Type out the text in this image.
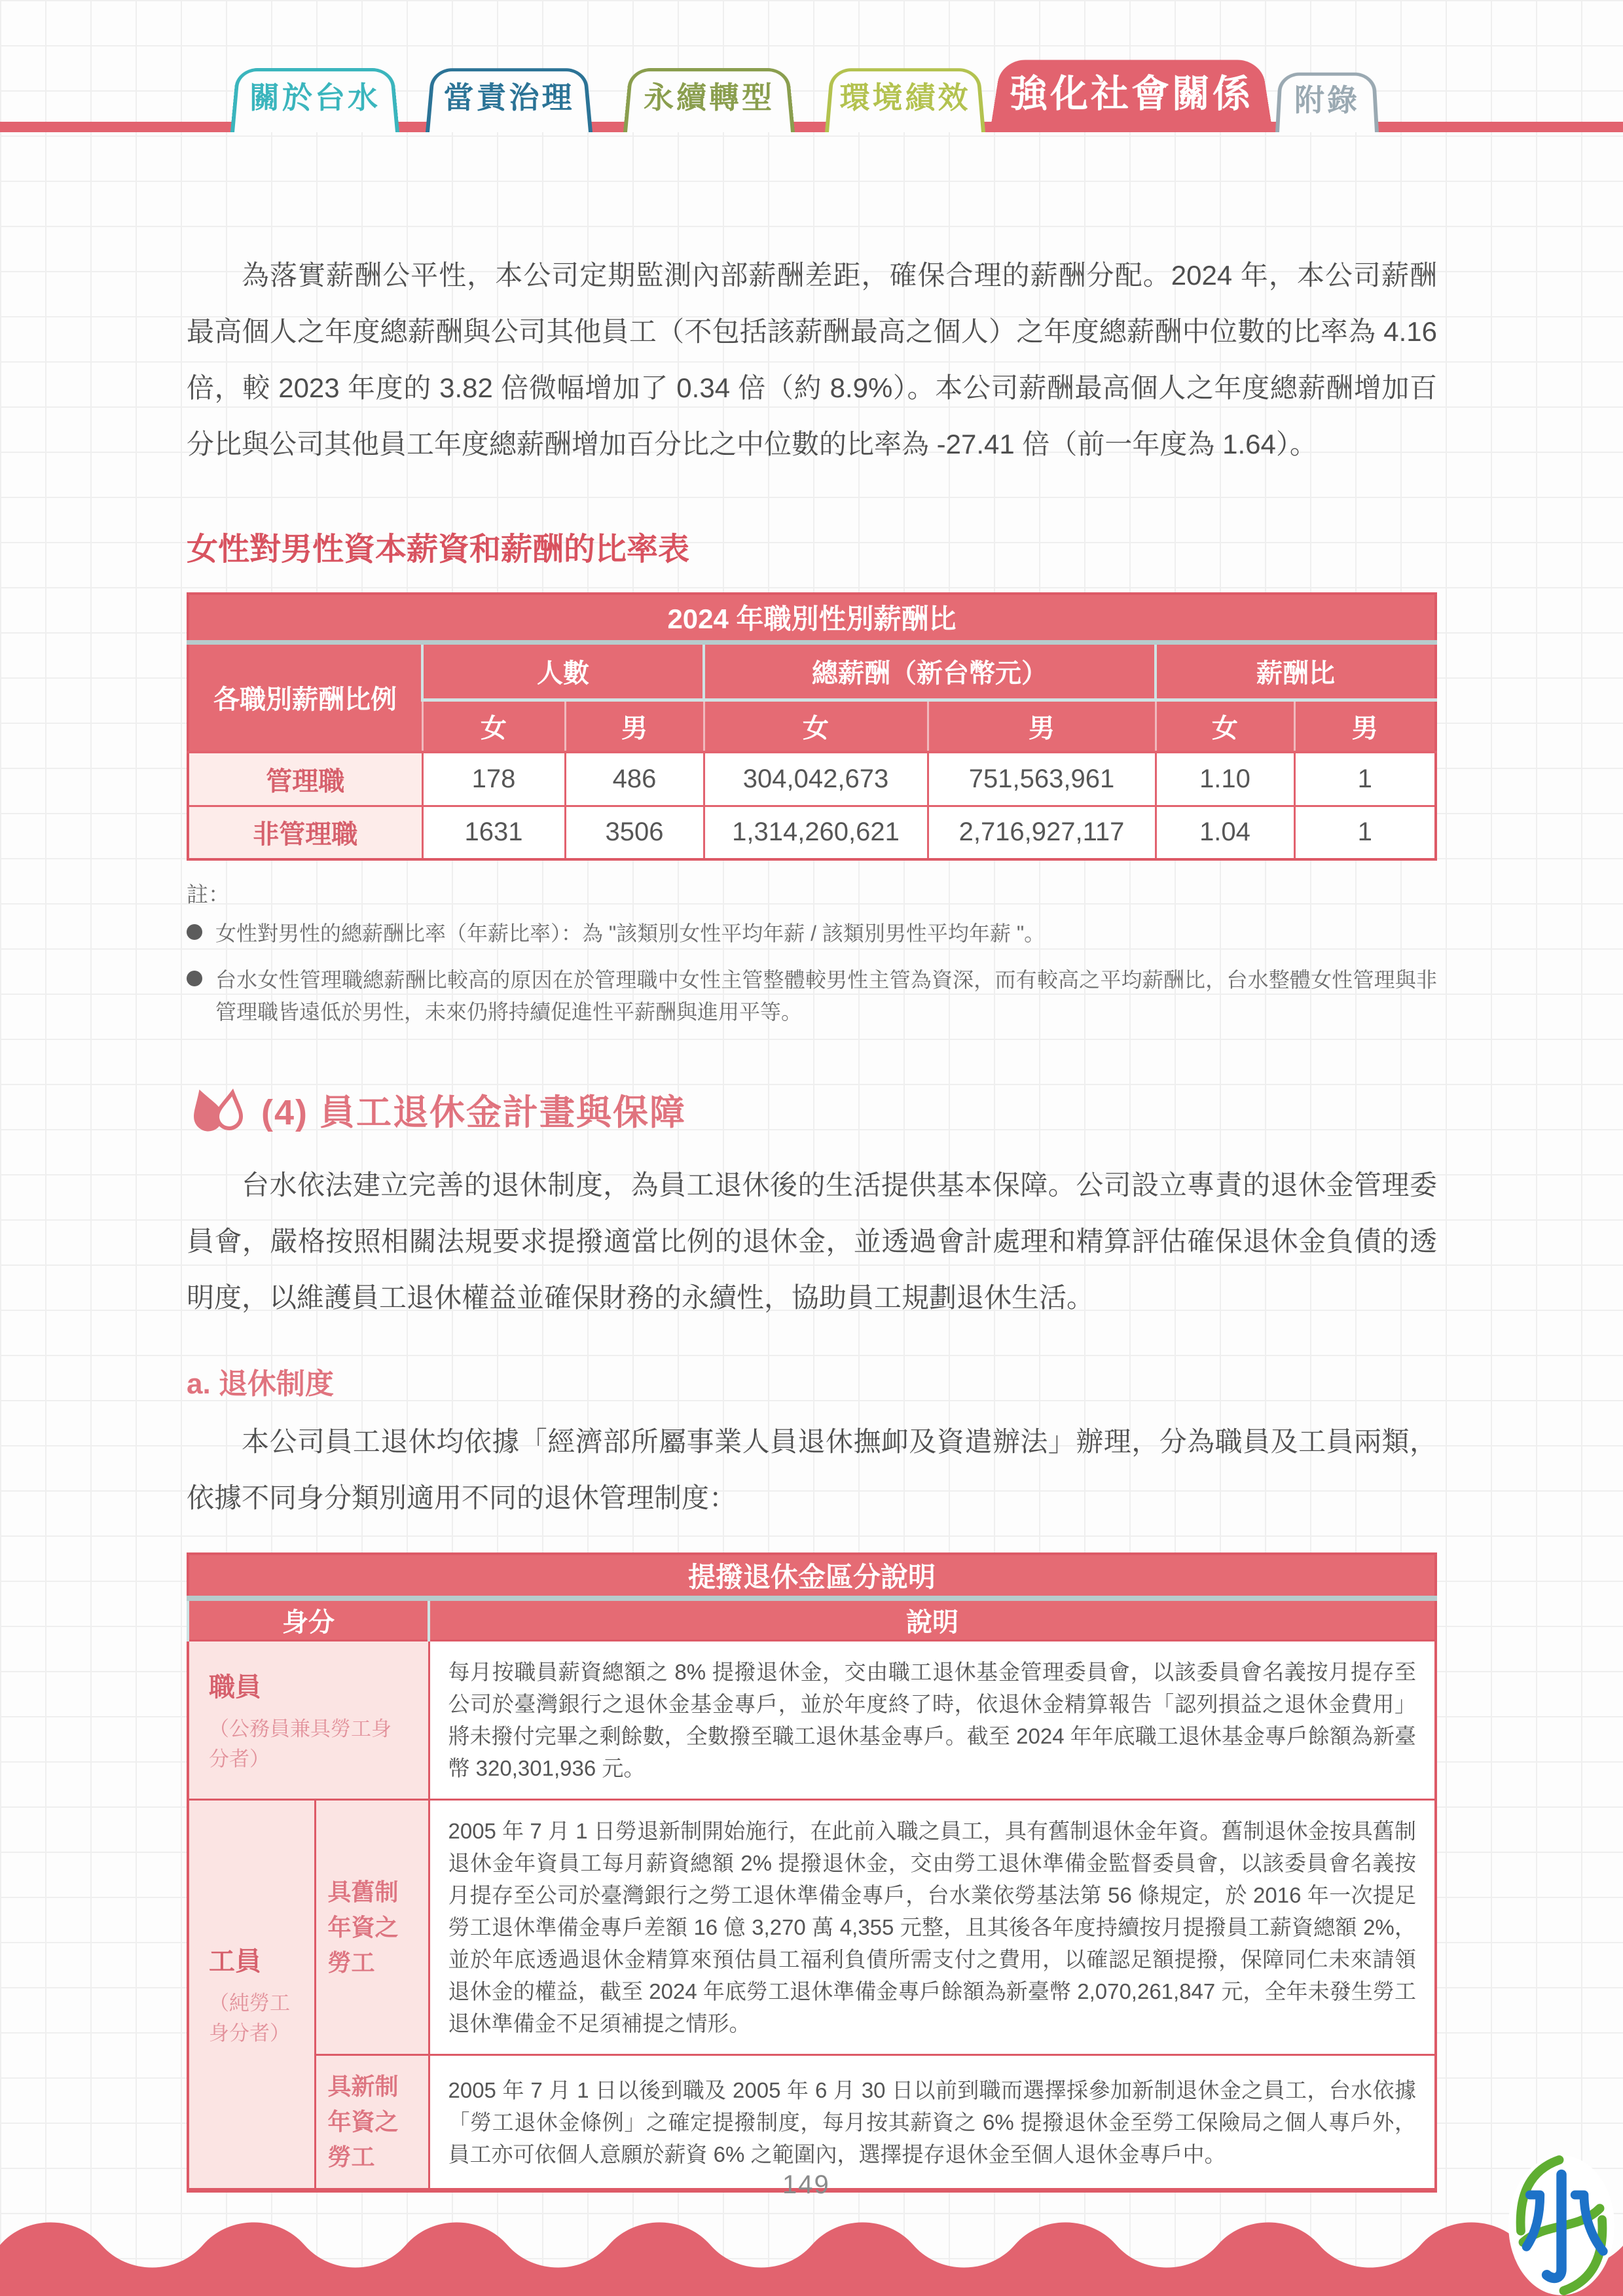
關於台水	當責治理	永續轉型	環境績效	強化社會關係	附錄

為落實薪酬公平性，本公司定期監測內部薪酬差距，確保合理的薪酬分配。2024 年，本公司薪酬最高個人之年度總薪酬與公司其他員工（不包括該薪酬最高之個人）之年度總薪酬中位數的比率為 4.16 倍，較 2023 年度的 3.82 倍微幅增加了 0.34 倍（約 8.9%）。本公司薪酬最高個人之年度總薪酬增加百分比與公司其他員工年度總薪酬增加百分比之中位數的比率為 -27.41 倍（前一年度為 1.64）。

女性對男性資本薪資和薪酬的比率表
2024 年職別性別薪酬比						
各職別薪酬比例	人數		總薪酬（新台幣元）		薪酬比	
	女	男	女	男	女	男
管理職	178	486	304,042,673	751,563,961	1.10	1
非管理職	1631	3506	1,314,260,621	2,716,927,117	1.04	1

註：

女性對男性的總薪酬比率（年薪比率）：為 "該類別女性平均年薪 / 該類別男性平均年薪 "。
台水女性管理職總薪酬比較高的原因在於管理職中女性主管整體較男性主管為資深，而有較高之平均薪酬比，台水整體女性管理與非管理職皆遠低於男性，未來仍將持續促進性平薪酬與進用平等。
(4) 員工退休金計畫與保障

台水依法建立完善的退休制度，為員工退休後的生活提供基本保障。公司設立專責的退休金管理委員會，嚴格按照相關法規要求提撥適當比例的退休金，並透過會計處理和精算評估確保退休金負債的透明度，以維護員工退休權益並確保財務的永續性，協助員工規劃退休生活。

a. 退休制度

本公司員工退休均依據「經濟部所屬事業人員退休撫卹及資遣辦法」辦理，分為職員及工員兩類，依據不同身分類別適用不同的退休管理制度：

提撥退休金區分說明		
身分		說明

職員
（公務員兼具勞工身分者）		每月按職員薪資總額之 8% 提撥退休金，交由職工退休基金管理委員會，以該委員會名義按月提存至公司於臺灣銀行之退休金基金專戶，並於年度終了時，依退休金精算報告「認列損益之退休金費用」將未撥付完畢之剩餘數，全數撥至職工退休基金專戶。截至 2024 年年底職工退休基金專戶餘額為新臺幣 320,301,936 元。

工員
（純勞工身分者）	具舊制年資之勞工	2005 年 7 月 1 日勞退新制開始施行，在此前入職之員工，具有舊制退休金年資。舊制退休金按具舊制退休金年資員工每月薪資總額 2% 提撥退休金，交由勞工退休準備金監督委員會，以該委員會名義按月提存至公司於臺灣銀行之勞工退休準備金專戶，台水業依勞基法第 56 條規定，於 2016 年一次提足勞工退休準備金專戶差額 16 億 3,270 萬 4,355 元整，且其後各年度持續按月提撥員工薪資總額 2%，並於年底透過退休金精算來預估員工福利負債所需支付之費用，以確認足額提撥，保障同仁未來請領退休金的權益，截至 2024 年底勞工退休準備金專戶餘額為新臺幣 2,070,261,847 元，全年未發生勞工退休準備金不足須補提之情形。
	具新制年資之勞工	2005 年 7 月 1 日以後到職及 2005 年 6 月 30 日以前到職而選擇採參加新制退休金之員工，台水依據「勞工退休金條例」之確定提撥制度，每月按其薪資之 6% 提撥退休金至勞工保險局之個人專戶外，員工亦可依個人意願於薪資 6% 之範圍內，選擇提存退休金至個人退休金專戶中。
149
